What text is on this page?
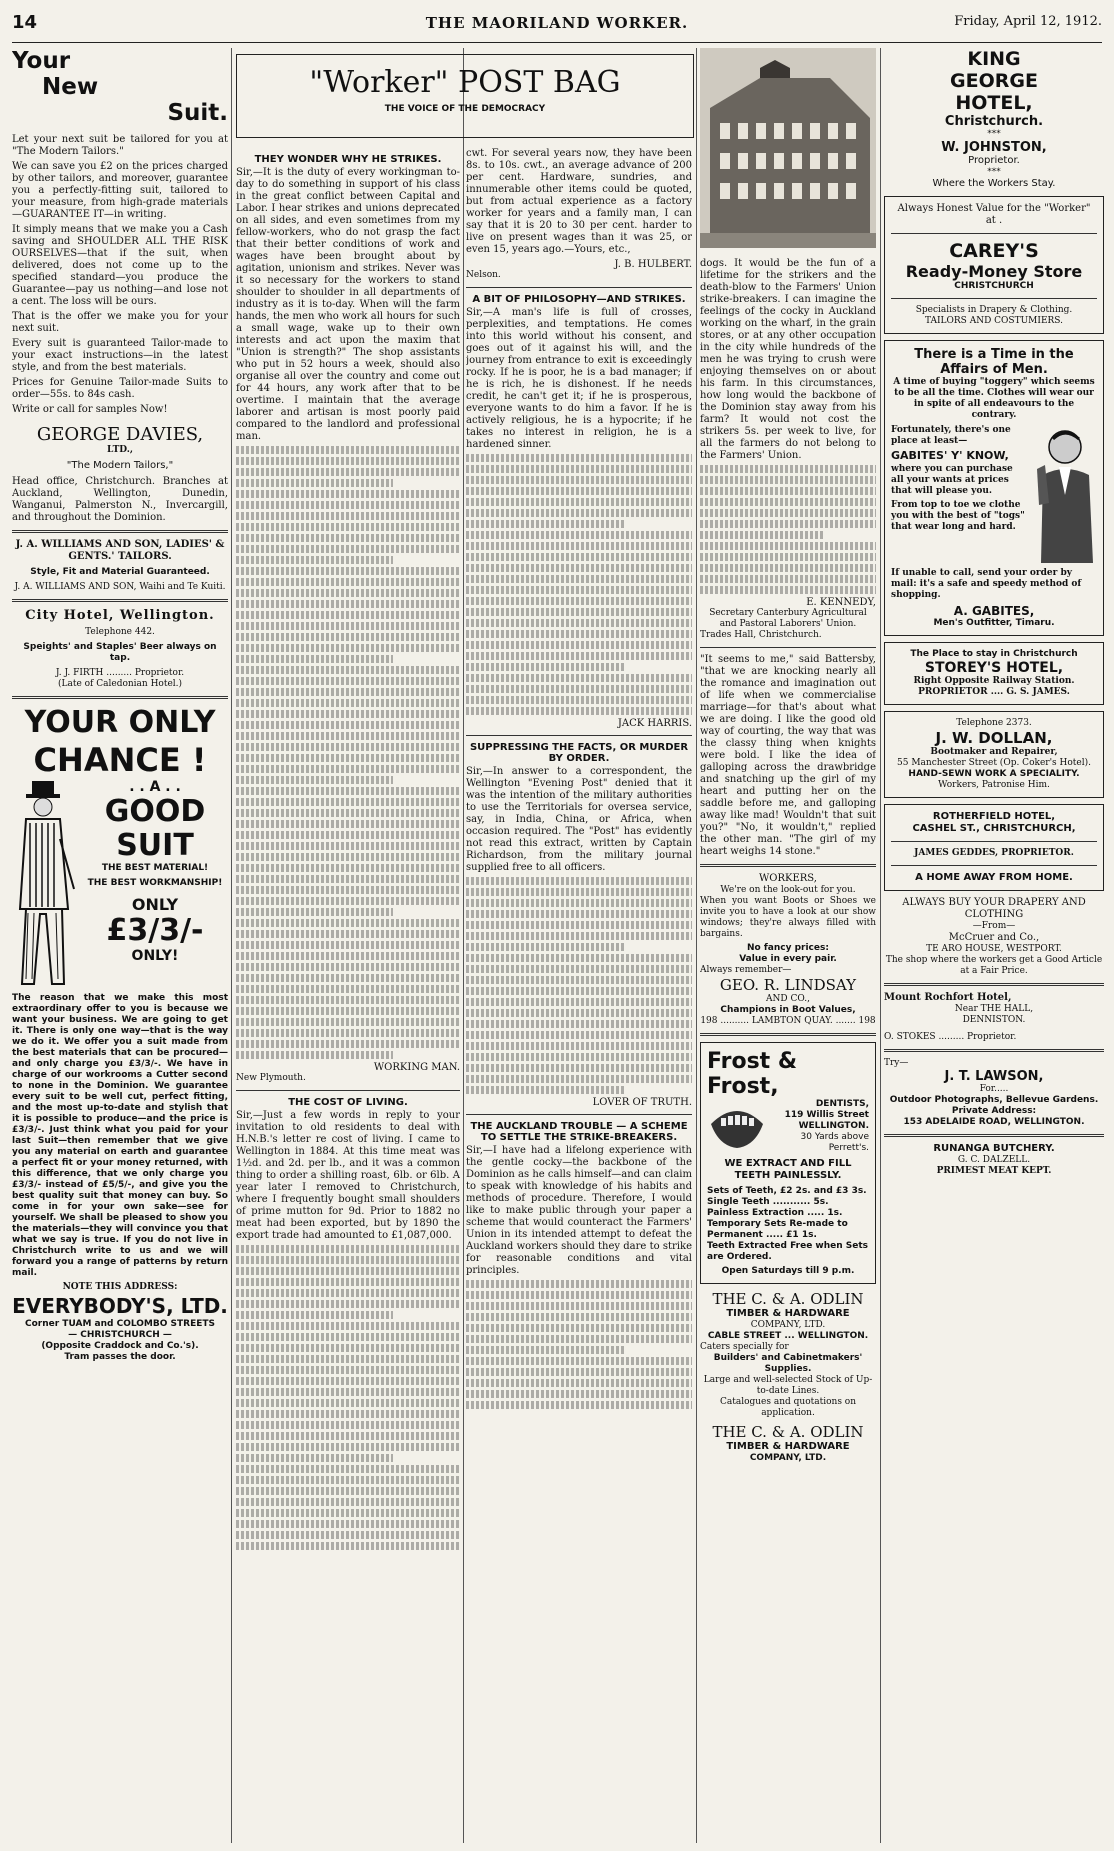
14	THE MAORILAND WORKER.	Friday, April 12, 1912.
Your
New
Suit.

Let your next suit be tailored for you at "The Modern Tailors."

We can save you £2 on the prices charged by other tailors, and moreover, guarantee you a perfectly-fitting suit, tailored to your measure, from high-grade materials—GUARANTEE IT—in writing.

It simply means that we make you a Cash saving and SHOULDER ALL THE RISK OURSELVES—that if the suit, when delivered, does not come up to the specified standard—you produce the Guarantee—pay us nothing—and lose not a cent. The loss will be ours.

That is the offer we make you for your next suit.

Every suit is guaranteed Tailor-made to your exact instructions—in the latest style, and from the best materials.

Prices for Genuine Tailor-made Suits to order—55s. to 84s cash.

Write or call for samples Now!

GEORGE DAVIES,
LTD.,
"The Modern Tailors,"

Head office, Christchurch. Branches at Auckland, Wellington, Dunedin, Wanganui, Palmerston N., Invercargill, and throughout the Dominion.

J. A. WILLIAMS AND SON, LADIES' & GENTS.' TAILORS.
Style, Fit and Material Guaranteed.
J. A. WILLIAMS AND SON, Waihi and Te Kuiti.
City Hotel, Wellington.
Telephone 442.
Speights' and Staples' Beer always on tap.
J. J. FIRTH ......... Proprietor.
(Late of Caledonian Hotel.)
YOUR ONLY
CHANCE !
. . A . .
GOOD
SUIT
THE BEST MATERIAL!
THE BEST WORKMANSHIP!
ONLY
£3/3/-
ONLY!

The reason that we make this most extraordinary offer to you is because we want your business. We are going to get it. There is only one way—that is the way we do it. We offer you a suit made from the best materials that can be procured—and only charge you £3/3/-. We have in charge of our workrooms a Cutter second to none in the Dominion. We guarantee every suit to be well cut, perfect fitting, and the most up-to-date and stylish that it is possible to produce—and the price is £3/3/-. Just think what you paid for your last Suit—then remember that we give you any material on earth and guarantee a perfect fit or your money returned, with this difference, that we only charge you £3/3/- instead of £5/5/-, and give you the best quality suit that money can buy. So come in for your own sake—see for yourself. We shall be pleased to show you the materials—they will convince you that what we say is true. If you do not live in Christchurch write to us and we will forward you a range of patterns by return mail.

NOTE THIS ADDRESS:
EVERYBODY'S, LTD.
Corner TUAM and COLOMBO STREETS
— CHRISTCHURCH —
(Opposite Craddock and Co.'s).
Tram passes the door.
"Worker" POST BAG
THE VOICE OF THE DEMOCRACY
THEY WONDER WHY HE STRIKES.

Sir,—It is the duty of every workingman to-day to do something in support of his class in the great conflict between Capital and Labor. I hear strikes and unions deprecated on all sides, and even sometimes from my fellow-workers, who do not grasp the fact that their better conditions of work and wages have been brought about by agitation, unionism and strikes. Never was it so necessary for the workers to stand shoulder to shoulder in all departments of industry as it is to-day. When will the farm hands, the men who work all hours for such a small wage, wake up to their own interests and act upon the maxim that "Union is strength?" The shop assistants who put in 52 hours a week, should also organise all over the country and come out for 44 hours, any work after that to be overtime. I maintain that the average laborer and artisan is most poorly paid compared to the landlord and professional man.

WORKING MAN.
New Plymouth.
THE COST OF LIVING.

Sir,—Just a few words in reply to your invitation to old residents to deal with H.N.B.'s letter re cost of living. I came to Wellington in 1884. At this time meat was 1½d. and 2d. per lb., and it was a common thing to order a shilling roast, 6lb. or 6lb. A year later I removed to Christchurch, where I frequently bought small shoulders of prime mutton for 9d. Prior to 1882 no meat had been exported, but by 1890 the export trade had amounted to £1,087,000.

cwt. For several years now, they have been 8s. to 10s. cwt., an average advance of 200 per cent. Hardware, sundries, and innumerable other items could be quoted, but from actual experience as a factory worker for years and a family man, I can say that it is 20 to 30 per cent. harder to live on present wages than it was 25, or even 15, years ago.—Yours, etc.,

J. B. HULBERT.
Nelson.
A BIT OF PHILOSOPHY—AND STRIKES.

Sir,—A man's life is full of crosses, perplexities, and temptations. He comes into this world without his consent, and goes out of it against his will, and the journey from entrance to exit is exceedingly rocky. If he is poor, he is a bad manager; if he is rich, he is dishonest. If he needs credit, he can't get it; if he is prosperous, everyone wants to do him a favor. If he is actively religious, he is a hypocrite; if he takes no interest in religion, he is a hardened sinner.

JACK HARRIS.
SUPPRESSING THE FACTS, OR MURDER BY ORDER.

Sir,—In answer to a correspondent, the Wellington "Evening Post" denied that it was the intention of the military authorities to use the Territorials for oversea service, say, in India, China, or Africa, when occasion required. The "Post" has evidently not read this extract, written by Captain Richardson, from the military journal supplied free to all officers.

LOVER OF TRUTH.
THE AUCKLAND TROUBLE — A SCHEME TO SETTLE THE STRIKE-BREAKERS.

Sir,—I have had a lifelong experience with the gentle cocky—the backbone of the Dominion as he calls himself—and can claim to speak with knowledge of his habits and methods of procedure. Therefore, I would like to make public through your paper a scheme that would counteract the Farmers' Union in its intended attempt to defeat the Auckland workers should they dare to strike for reasonable conditions and vital principles.

dogs. It would be the fun of a lifetime for the strikers and the death-blow to the Farmers' Union strike-breakers. I can imagine the feelings of the cocky in Auckland working on the wharf, in the grain stores, or at any other occupation in the city while hundreds of the men he was trying to crush were enjoying themselves on or about his farm. In this circumstances, how long would the backbone of the Dominion stay away from his farm? It would not cost the strikers 5s. per week to live, for all the farmers do not belong to the Farmers' Union.

E. KENNEDY,
Secretary Canterbury Agricultural and Pastoral Laborers' Union.
Trades Hall, Christchurch.

"It seems to me," said Battersby, "that we are knocking nearly all the romance and imagination out of life when we commercialise marriage—for that's about what we are doing. I like the good old way of courting, the way that was the classy thing when knights were bold. I like the idea of galloping across the drawbridge and snatching up the girl of my heart and putting her on the saddle before me, and galloping away like mad! Wouldn't that suit you?" "No, it wouldn't," replied the other man. "The girl of my heart weighs 14 stone."

WORKERS,
We're on the look-out for you.

When you want Boots or Shoes we invite you to have a look at our show windows; they're always filled with bargains.

No fancy prices:
Value in every pair.
Always remember—
GEO. R. LINDSAY
AND CO.,
Champions in Boot Values,
198 .......... LAMBTON QUAY. ....... 198
Frost & Frost,
DENTISTS,
119 Willis Street
WELLINGTON.
30 Yards above Perrett's.
WE EXTRACT AND FILL TEETH PAINLESSLY.
Sets of Teeth, £2 2s. and £3 3s.
Single Teeth ........... 5s.
Painless Extraction ..... 1s.
Temporary Sets Re-made to Permanent ..... £1 1s.
Teeth Extracted Free when Sets are Ordered.
Open Saturdays till 9 p.m.
THE C. & A. ODLIN
TIMBER & HARDWARE
COMPANY, LTD.
CABLE STREET ... WELLINGTON.
Caters specially for
Builders' and Cabinetmakers' Supplies.
Large and well-selected Stock of Up-to-date Lines.
Catalogues and quotations on application.
THE C. & A. ODLIN
TIMBER & HARDWARE
COMPANY, LTD.
KING
GEORGE
HOTEL,
Christchurch.
***
W. JOHNSTON,
Proprietor.
***
Where the Workers Stay.
Always Honest Value for the "Worker" at .
CAREY'S
Ready-Money Store
CHRISTCHURCH
Specialists in Drapery & Clothing.
TAILORS AND COSTUMIERS.
There is a Time in the Affairs of Men.
A time of buying "toggery" which seems to be all the time. Clothes will wear our in spite of all endeavours to the contrary.
Fortunately, there's one place at least—
GABITES' Y' KNOW,
where you can purchase all your wants at prices that will please you.
From top to toe we clothe you with the best of "togs" that wear long and hard.
If unable to call, send your order by mail: it's a safe and speedy method of shopping.
A. GABITES,
Men's Outfitter, Timaru.
The Place to stay in Christchurch
STOREY'S HOTEL,
Right Opposite Railway Station.
PROPRIETOR .... G. S. JAMES.
Telephone 2373.
J. W. DOLLAN,
Bootmaker and Repairer,
55 Manchester Street (Op. Coker's Hotel).
HAND-SEWN WORK A SPECIALITY.
Workers, Patronise Him.
ROTHERFIELD HOTEL,
CASHEL ST., CHRISTCHURCH,
JAMES GEDDES, PROPRIETOR.
A HOME AWAY FROM HOME.
ALWAYS BUY YOUR DRAPERY AND CLOTHING
—From—
McCruer and Co.,
TE ARO HOUSE, WESTPORT.
The shop where the workers get a Good Article at a Fair Price.
Mount Rochfort Hotel,
Near THE HALL,
DENNISTON.
O. STOKES ......... Proprietor.
Try—
J. T. LAWSON,
For.....
Outdoor Photographs, Bellevue Gardens.
Private Address:
153 ADELAIDE ROAD, WELLINGTON.
RUNANGA BUTCHERY.
G. C. DALZELL.
PRIMEST MEAT KEPT.
